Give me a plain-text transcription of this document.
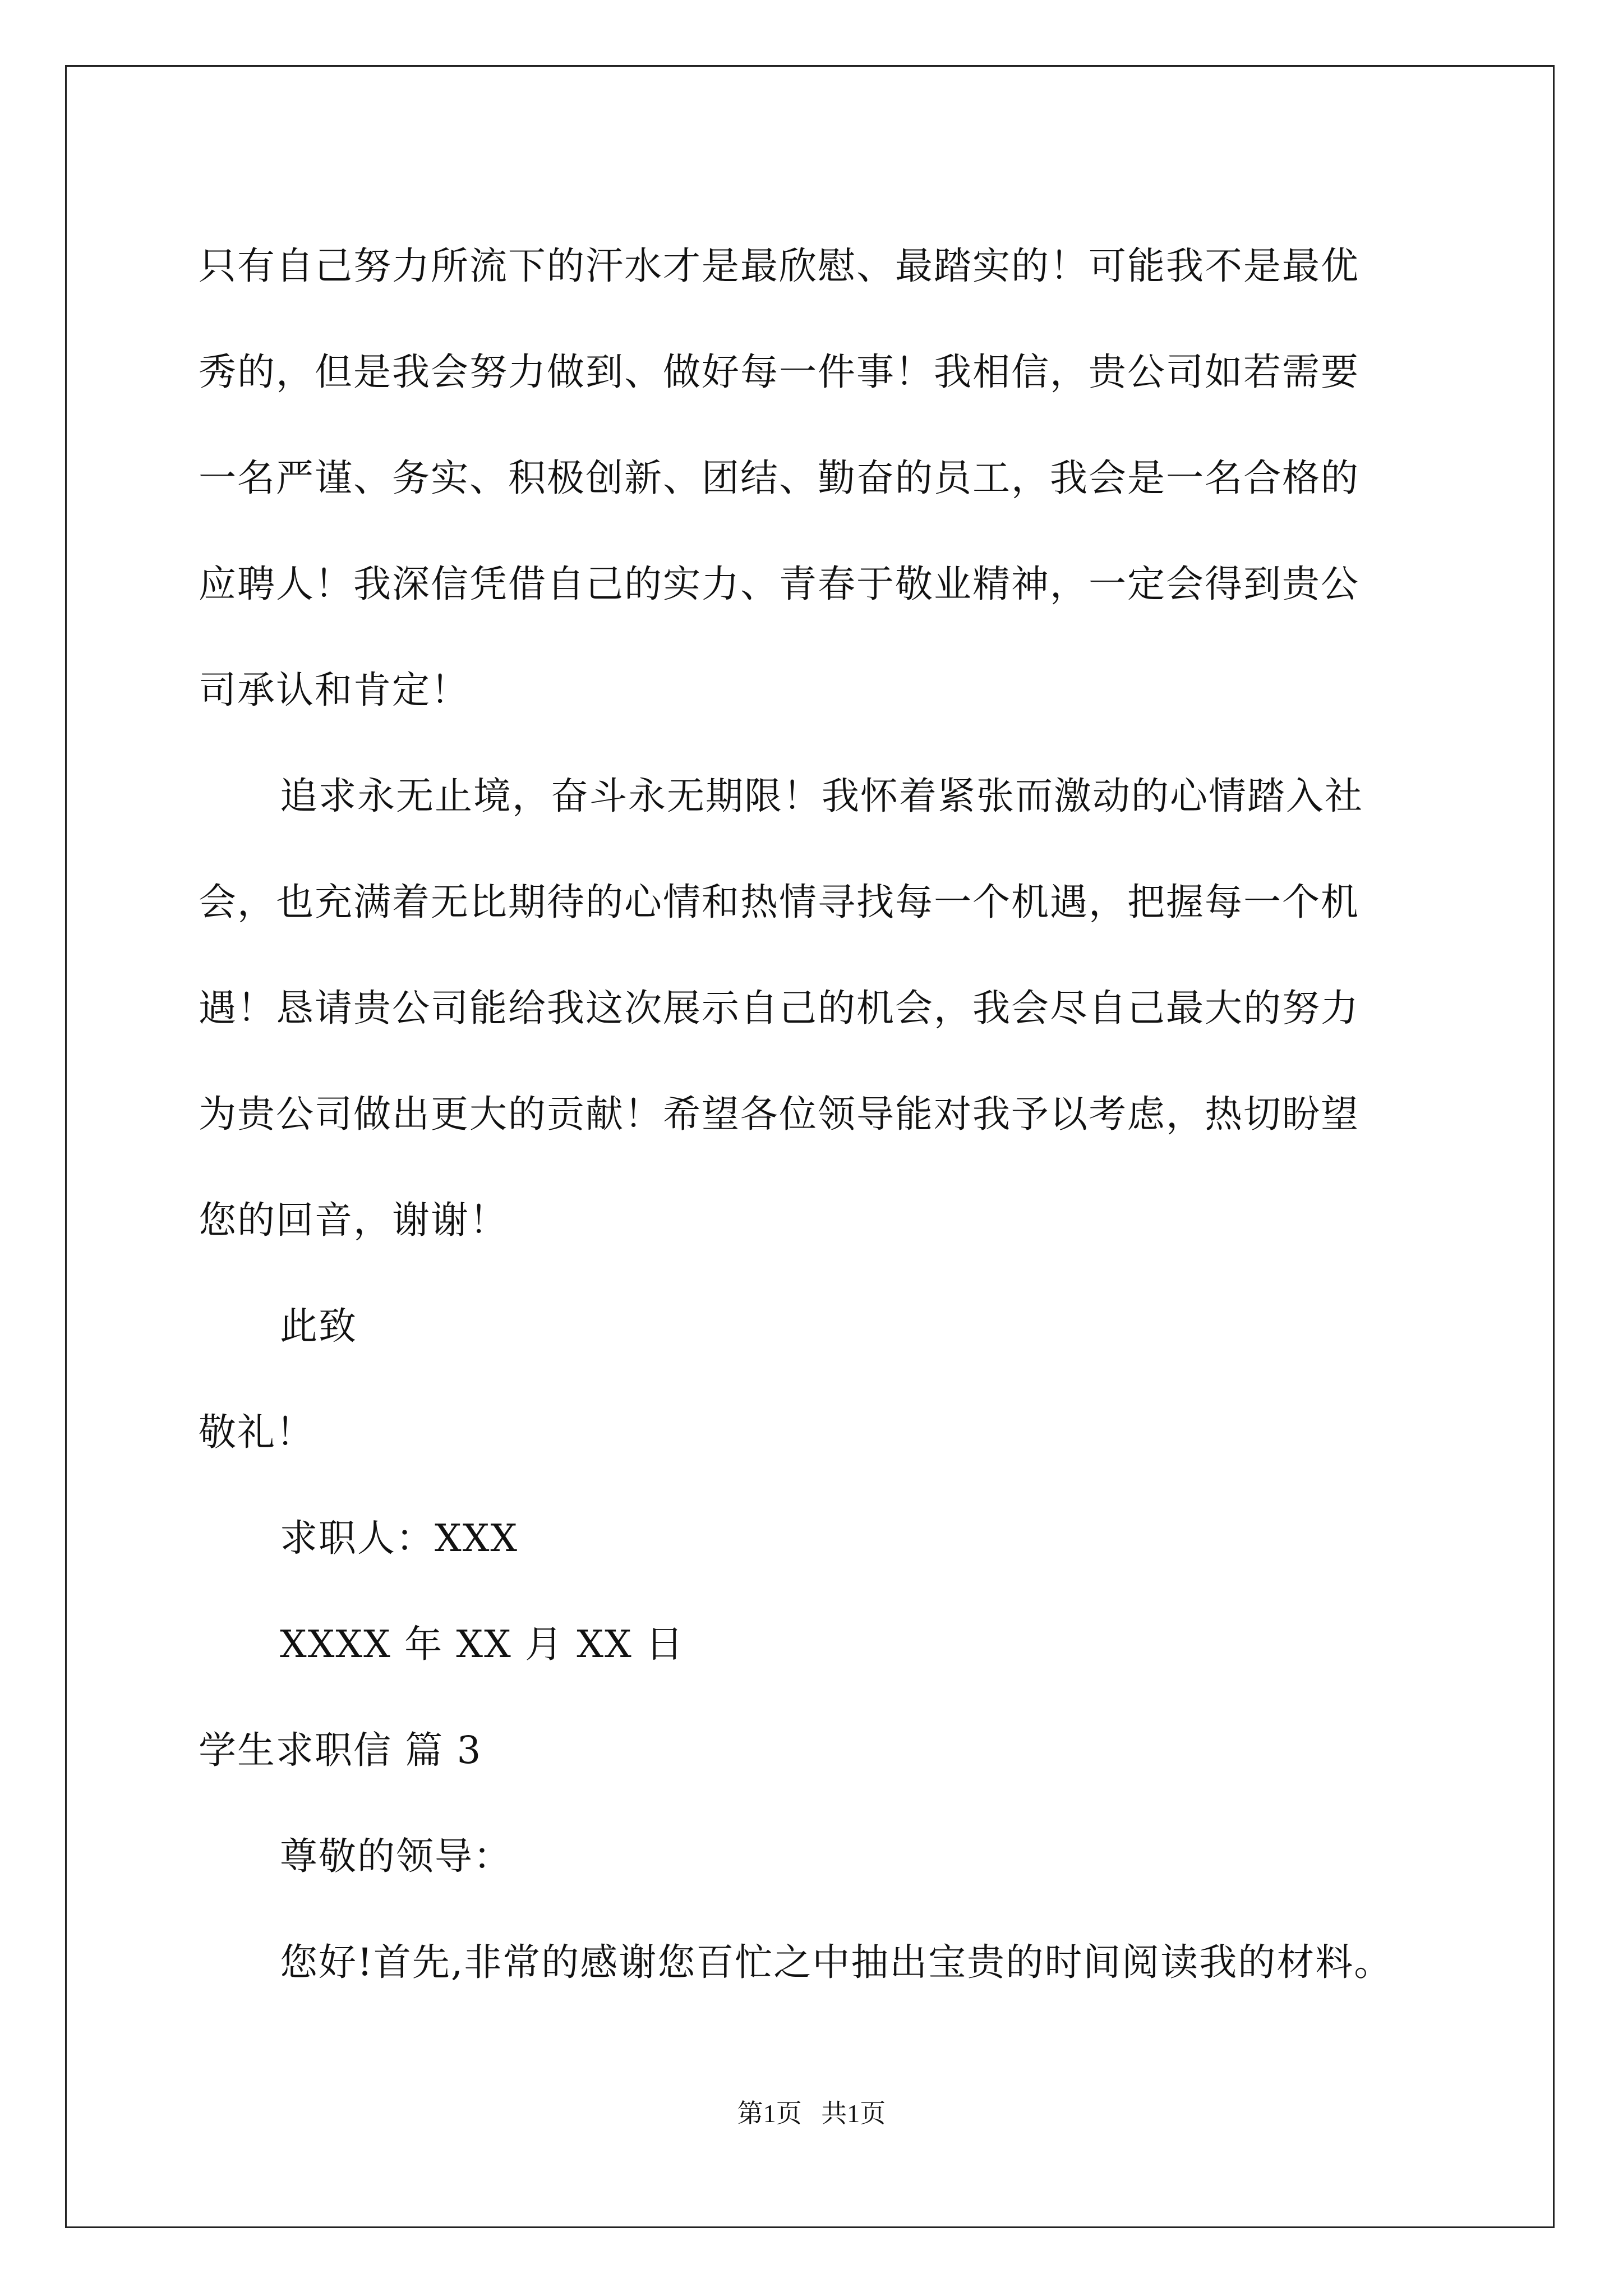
只有自己努力所流下的汗水才是最欣慰、最踏实的！可能我不是最优
秀的，但是我会努力做到、做好每一件事！我相信，贵公司如若需要
一名严谨、务实、积极创新、团结、勤奋的员工，我会是一名合格的
应聘人！我深信凭借自己的实力、青春于敬业精神，一定会得到贵公
司承认和肯定！
追求永无止境，奋斗永无期限！我怀着紧张而激动的心情踏入社
会，也充满着无比期待的心情和热情寻找每一个机遇，把握每一个机
遇！恳请贵公司能给我这次展示自己的机会，我会尽自己最大的努力
为贵公司做出更大的贡献！希望各位领导能对我予以考虑，热切盼望
您的回音，谢谢！
此致
敬礼！
求职人：XXX
XXXX 年 XX 月 XX 日
学生求职信 篇 3
尊敬的领导：
您好!首先,非常的感谢您百忙之中抽出宝贵的时间阅读我的材料。
第1页 共1页
